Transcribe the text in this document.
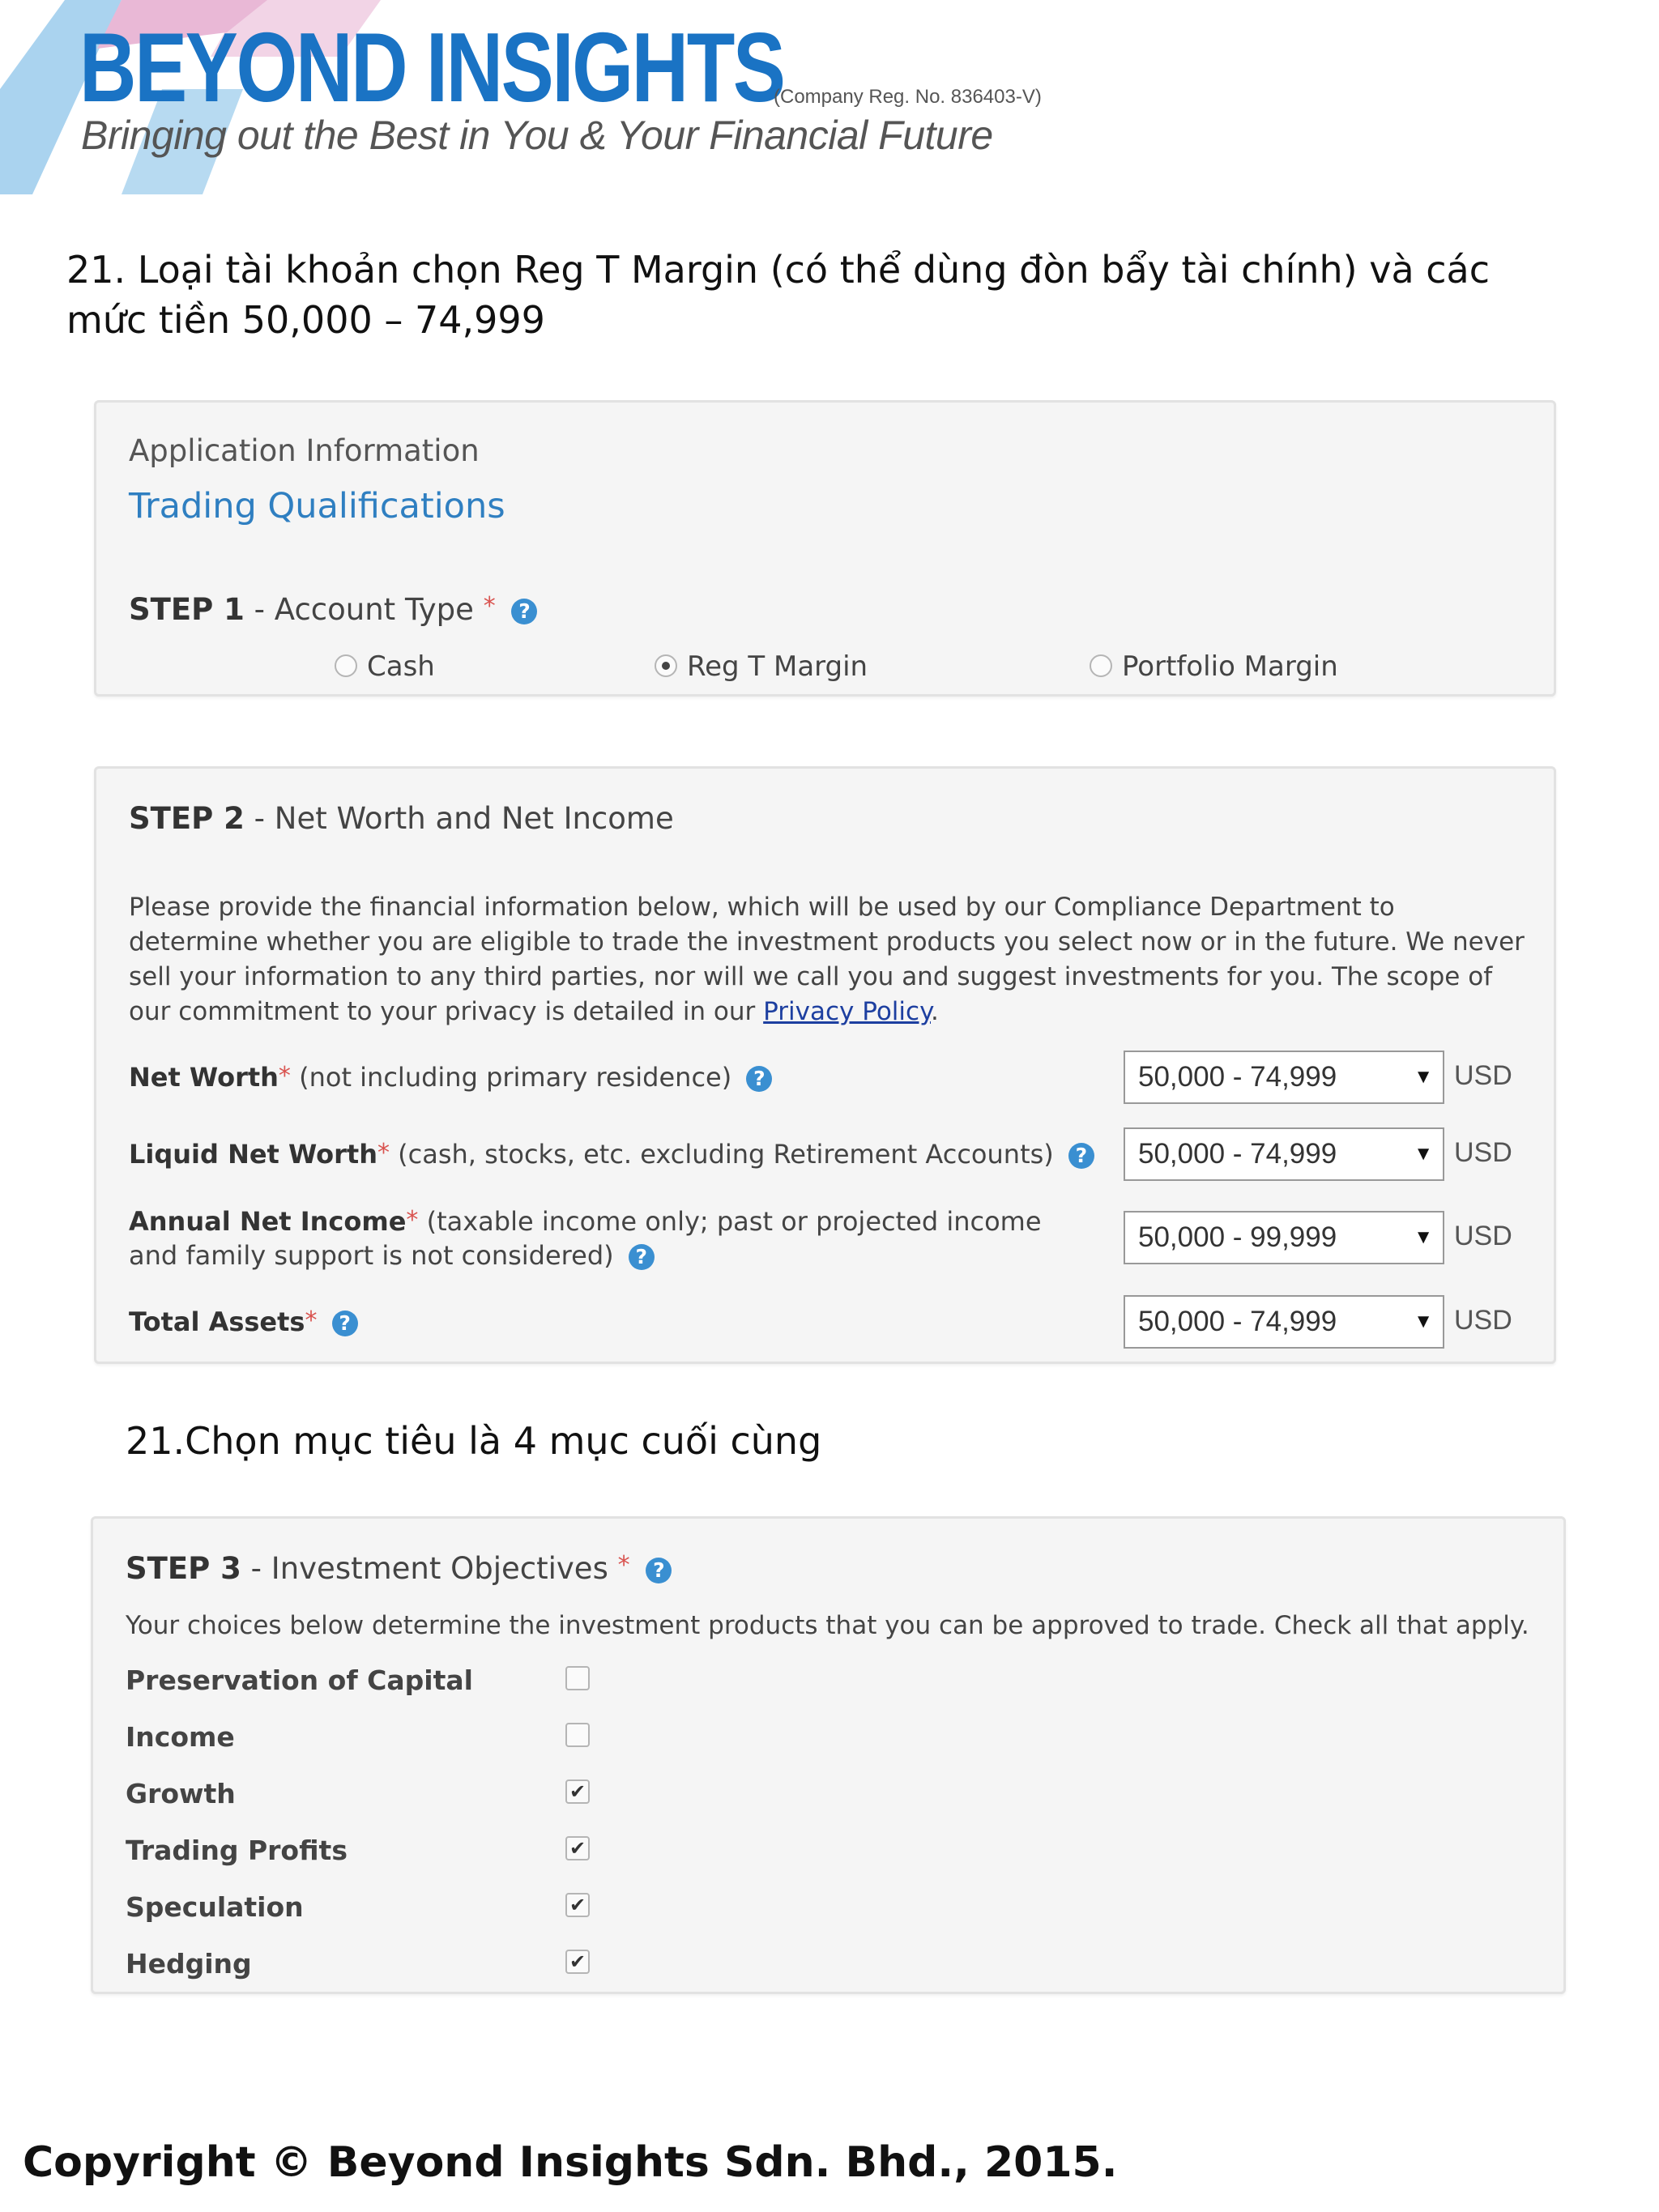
BEYOND INSIGHTS
(Company Reg. No. 836403-V)
Bringing out the Best in You & Your Financial Future
21. Loại tài khoản chọn Reg T Margin (có thể dùng đòn bẩy tài chính) và các mức tiền 50,000 – 74,999
Application Information
Trading Qualifications
STEP 1 - Account Type * ?
Cash	Reg T Margin	Portfolio Margin
STEP 2 - Net Worth and Net Income
Please provide the financial information below, which will be used by our Compliance Department to determine whether you are eligible to trade the investment products you select now or in the future. We never sell your information to any third parties, nor will we call you and suggest investments for you. The scope of our commitment to your privacy is detailed in our Privacy Policy.
Net Worth* (not including primary residence) ?	50,000 - 74,999	▼ USD
Liquid Net Worth* (cash, stocks, etc. excluding Retirement Accounts) ?	50,000 - 74,999	▼ USD
Annual Net Income* (taxable income only; past or projected income
and family support is not considered) ?
50,000 - 99,999	▼ USD
Total Assets* ?	50,000 - 74,999	▼ USD
21.Chọn mục tiêu là 4 mục cuối cùng
STEP 3 - Investment Objectives * ?
Your choices below determine the investment products that you can be approved to trade. Check all that apply.
Preservation of Capital
Income
Growth	✔
Trading Profits	✔
Speculation	✔
Hedging	✔
Copyright © Beyond Insights Sdn. Bhd., 2015.
